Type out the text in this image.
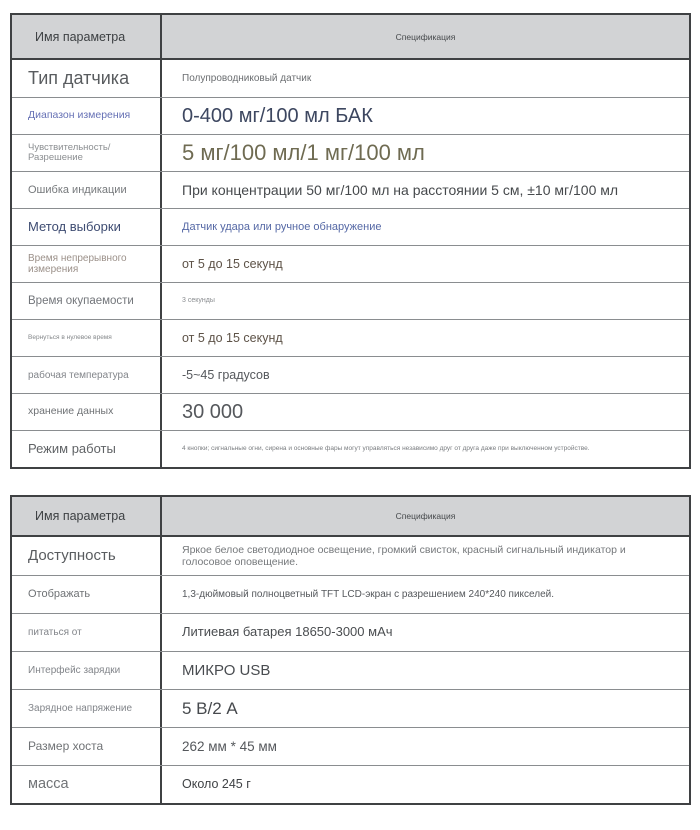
Имя параметра	Спецификация
Тип датчика	Полупроводниковый датчик
Диапазон измерения	0-400 мг/100 мл БАК
Чувствительность/Разрешение	5 мг/100 мл/1 мг/100 мл
Ошибка индикации	При концентрации 50 мг/100 мл на расстоянии 5 см, ±10 мг/100 мл
Метод выборки	Датчик удара или ручное обнаружение
Время непрерывного измерения	от 5 до 15 секунд
Время окупаемости	3 секунды
Вернуться в нулевое время	от 5 до 15 секунд
рабочая температура	-5~45 градусов
хранение данных	30 000
Режим работы	4 кнопки; сигнальные огни, сирена и основные фары могут управляться независимо друг от друга даже при выключенном устройстве.
Имя параметра	Спецификация
Доступность	Яркое белое светодиодное освещение, громкий свисток, красный сигнальный индикатор и голосовое оповещение.
Отображать	1,3-дюймовый полноцветный TFT LCD-экран с разрешением 240*240 пикселей.
питаться от	Литиевая батарея 18650-3000 мАч
Интерфейс зарядки	МИКРО USB
Зарядное напряжение	5 В/2 А
Размер хоста	262 мм * 45 мм
масса	Около 245 г
